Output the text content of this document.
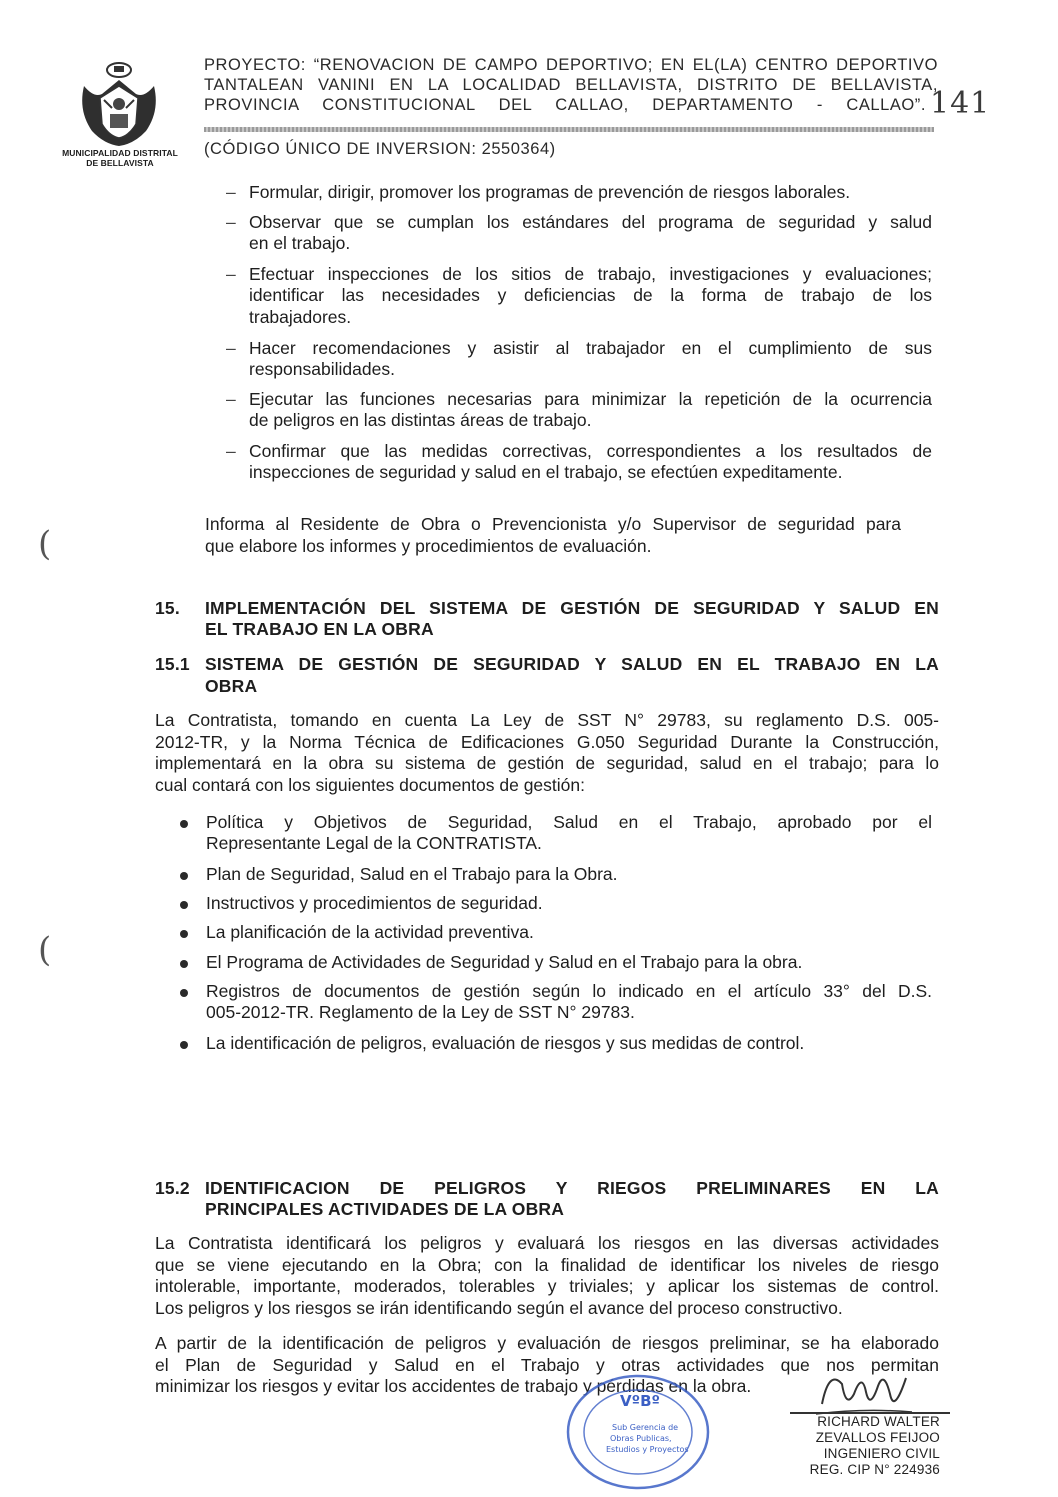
MUNICIPALIDAD DISTRITAL
DE BELLAVISTA
PROYECTO: “RENOVACION DE CAMPO DEPORTIVO; EN EL(LA) CENTRO DEPORTIVO
TANTALEAN VANINI EN LA LOCALIDAD BELLAVISTA, DISTRITO DE BELLAVISTA,
PROVINCIA CONSTITUCIONAL DEL CALLAO, DEPARTAMENTO - CALLAO”. 141
(CÓDIGO ÚNICO DE INVERSION: 2550364)
(
(
– Formular, dirigir, promover los programas de prevención de riesgos laborales.
– Observar que se cumplan los estándares del programa de seguridad y salud
en el trabajo.
– Efectuar inspecciones de los sitios de trabajo, investigaciones y evaluaciones;
identificar las necesidades y deficiencias de la forma de trabajo de los
trabajadores.
– Hacer recomendaciones y asistir al trabajador en el cumplimiento de sus
responsabilidades.
– Ejecutar las funciones necesarias para minimizar la repetición de la ocurrencia
de peligros en las distintas áreas de trabajo.
– Confirmar que las medidas correctivas, correspondientes a los resultados de
inspecciones de seguridad y salud en el trabajo, se efectúen expeditamente.
Informa al Residente de Obra o Prevencionista y/o Supervisor de seguridad para
que elabore los informes y procedimientos de evaluación.
15. IMPLEMENTACIÓN DEL SISTEMA DE GESTIÓN DE SEGURIDAD Y SALUD EN
EL TRABAJO EN LA OBRA
15.1 SISTEMA DE GESTIÓN DE SEGURIDAD Y SALUD EN EL TRABAJO EN LA
OBRA
La Contratista, tomando en cuenta La Ley de SST N° 29783, su reglamento D.S. 005-
2012-TR, y la Norma Técnica de Edificaciones G.050 Seguridad Durante la Construcción,
implementará en la obra su sistema de gestión de seguridad, salud en el trabajo; para lo
cual contará con los siguientes documentos de gestión:
Política y Objetivos de Seguridad, Salud en el Trabajo, aprobado por el
Representante Legal de la CONTRATISTA.
Plan de Seguridad, Salud en el Trabajo para la Obra.
Instructivos y procedimientos de seguridad.
La planificación de la actividad preventiva.
El Programa de Actividades de Seguridad y Salud en el Trabajo para la obra.
Registros de documentos de gestión según lo indicado en el artículo 33° del D.S.
005-2012-TR. Reglamento de la Ley de SST N° 29783.
La identificación de peligros, evaluación de riesgos y sus medidas de control.
15.2 IDENTIFICACION DE PELIGROS Y RIEGOS PRELIMINARES EN LA
PRINCIPALES ACTIVIDADES DE LA OBRA
La Contratista identificará los peligros y evaluará los riesgos en las diversas actividades
que se viene ejecutando en la Obra; con la finalidad de identificar los niveles de riesgo
intolerable, importante, moderados, tolerables y triviales; y aplicar los sistemas de control.
Los peligros y los riesgos se irán identificando según el avance del proceso constructivo.
A partir de la identificación de peligros y evaluación de riesgos preliminar, se ha elaborado
el Plan de Seguridad y Salud en el Trabajo y otras actividades que nos permitan
minimizar los riesgos y evitar los accidentes de trabajo y pérdidas en la obra.
VºBº
Sub Gerencia de
Obras Publicas,
Estudios y Proyectos
RICHARD WALTER
ZEVALLOS FEIJOO
INGENIERO CIVIL
REG. CIP N° 224936
